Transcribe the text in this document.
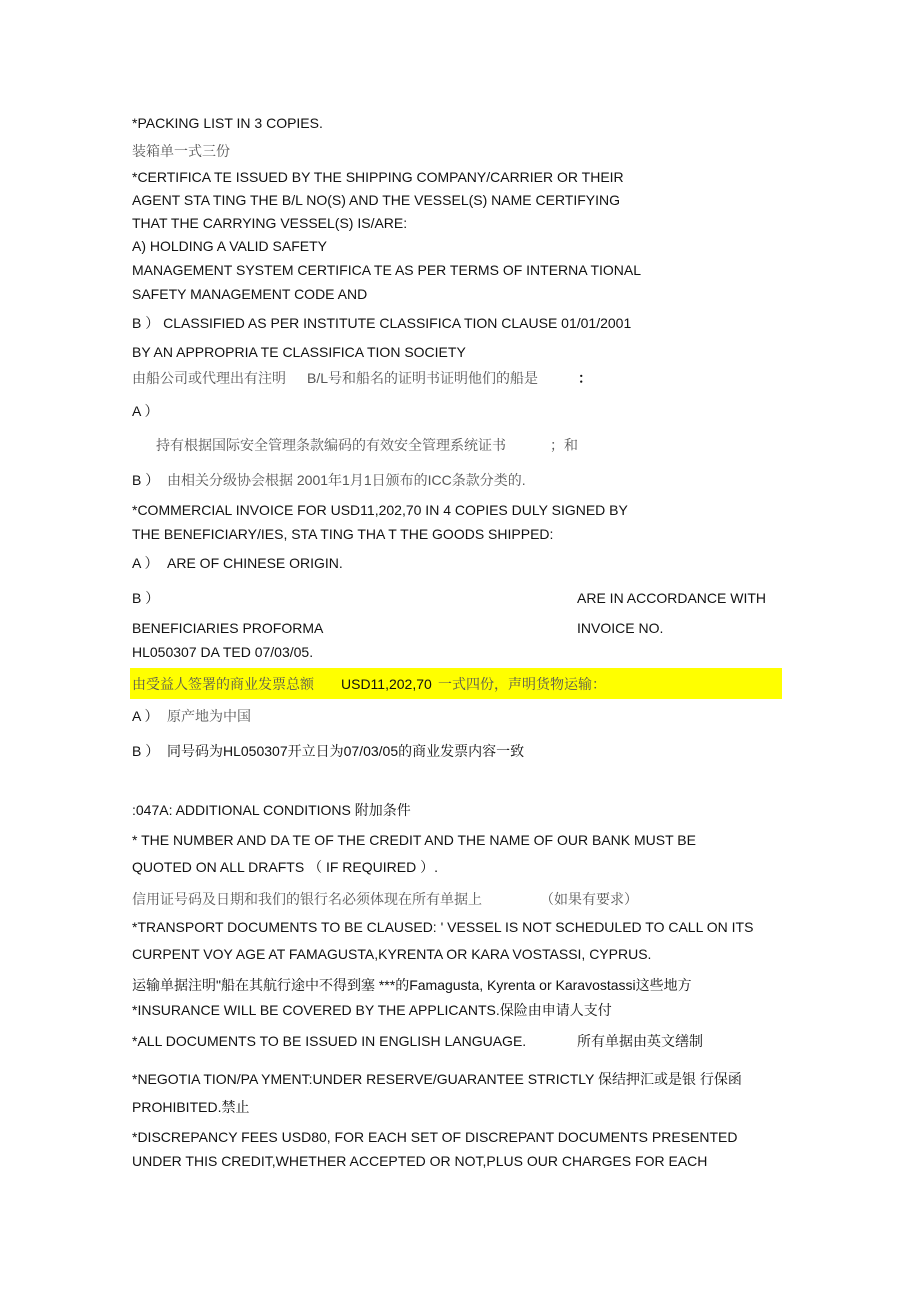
*PACKING LIST IN 3 COPIES.
装箱单一式三份
*CERTIFICA TE ISSUED BY THE SHIPPING COMPANY/CARRIER OR THEIR
AGENT STA TING THE B/L NO(S) AND THE VESSEL(S) NAME CERTIFYING
THAT THE CARRYING VESSEL(S) IS/ARE:
A) HOLDING A VALID SAFETY
MANAGEMENT SYSTEM CERTIFICA TE AS PER TERMS OF INTERNA TIONAL
SAFETY MANAGEMENT CODE AND
B ） CLASSIFIED AS PER INSTITUTE CLASSIFICA TION CLAUSE 01/01/2001
BY AN APPROPRIA TE CLASSIFICA TION SOCIETY
由船公司或代理出有注明 B/L号和船名的证明书证明他们的船是	：
A ）
持有根据国际安全管理条款编码的有效安全管理系统证书	；和
B ） 由相关分级协会根据 2001年1月1日颁布的ICC条款分类的.
*COMMERCIAL INVOICE FOR USD11,202,70 IN 4 COPIES DULY SIGNED BY
THE BENEFICIARY/IES, STA TING THA T THE GOODS SHIPPED:
A ） ARE OF CHINESE ORIGIN.
B ）	ARE IN ACCORDANCE WITH
BENEFICIARIES PROFORMA	INVOICE NO.
HL050307 DA TED 07/03/05.
由受益人签署的商业发票总额 USD11,202,70 一式四份，声明货物运输：
A ） 原产地为中国
B ） 同号码为HL050307开立日为07/03/05的商业发票内容一致
:047A: ADDITIONAL CONDITIONS 附加条件
* THE NUMBER AND DA TE OF THE CREDIT AND THE NAME OF OUR BANK MUST BE
QUOTED ON ALL DRAFTS （ IF REQUIRED ）.
信用证号码及日期和我们的银行名必须体现在所有单据上	（如果有要求）
*TRANSPORT DOCUMENTS TO BE CLAUSED: ' VESSEL IS NOT SCHEDULED TO CALL ON ITS
CURPENT VOY AGE AT FAMAGUSTA,KYRENTA OR KARA VOSTASSI, CYPRUS.
运输单据注明"船在其航行途中不得到塞 ***的Famagusta, Kyrenta or Karavostassi这些地方
*INSURANCE WILL BE COVERED BY THE APPLICANTS.保险由申请人支付
*ALL DOCUMENTS TO BE ISSUED IN ENGLISH LANGUAGE.	所有单据由英文缮制
*NEGOTIA TION/PA YMENT:UNDER RESERVE/GUARANTEE STRICTLY 保结押汇或是银 行保函
PROHIBITED.禁止
*DISCREPANCY FEES USD80, FOR EACH SET OF DISCREPANT DOCUMENTS PRESENTED
UNDER THIS CREDIT,WHETHER ACCEPTED OR NOT,PLUS OUR CHARGES FOR EACH
